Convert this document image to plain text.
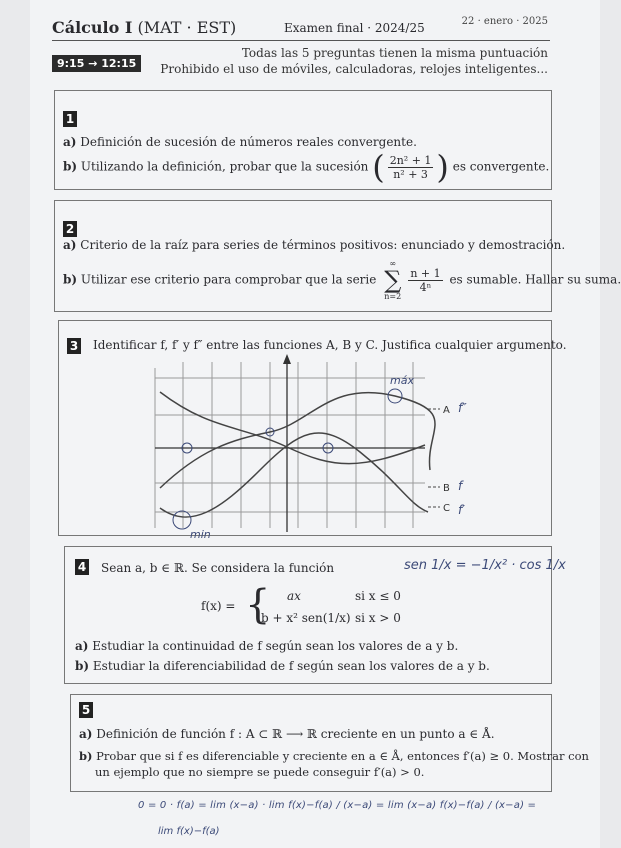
Cálculo I (MAT · EST)	Examen final · 2024/25	22 · enero · 2025
9:15 → 12:15
Todas las 5 preguntas tienen la misma puntuación
Prohibido el uso de móviles, calculadoras, relojes inteligentes...
1
a) Definición de sucesión de números reales convergente.
b) Utilizando la definición, probar que la sucesión ( $\frac{\text{2n² + 1}}{\text{n² + 3}}$ ) es convergente.
2
a) Criterio de la raíz para series de términos positivos: enunciado y demostración.
b) Utilizar ese criterio para comprobar que la serie
∞
∑
n=2
$\frac{n + 1}{\text{4ⁿ}}$ es sumable. Hallar su suma.
3 Identificar f, f′ y f″ entre las funciones A, B y C. Justifica cualquier argumento.
A
B
C
máx
min
f″
f
f′
4 Sean a, b ∈ ℝ. Se considera la función
f(x) = { ax	si x ≤ 0
b + x² sen(1/x) si x > 0
a) Estudiar la continuidad de f según sean los valores de a y b.
b) Estudiar la diferenciabilidad de f según sean los valores de a y b.
sen 1/x = −1/x² · cos 1/x
5
a) Definición de función f : A ⊂ ℝ ⟶ ℝ creciente en un punto a ∈ Å.
b) Probar que si f es diferenciable y creciente en a ∈ Å, entonces f′(a) ≥ 0. Mostrar con
un ejemplo que no siempre se puede conseguir f′(a) > 0.
0 = 0 · f(a) = lim (x−a) · lim f(x)−f(a) / (x−a) = lim (x−a) f(x)−f(a) / (x−a) =
lim f(x)−f(a)
